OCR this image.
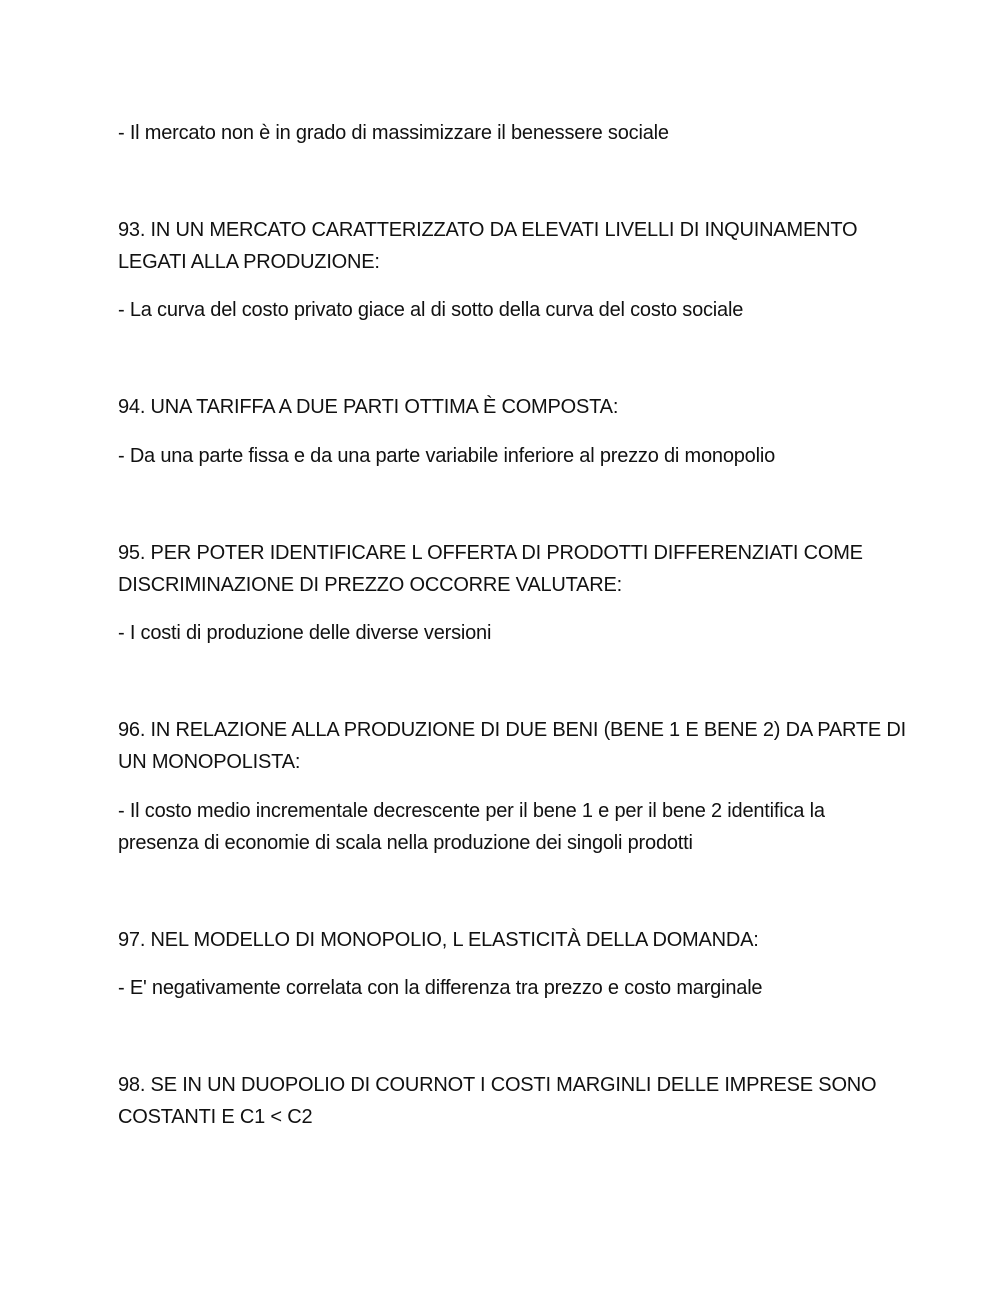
- Il mercato non è in grado di massimizzare il benessere sociale
93. IN UN MERCATO CARATTERIZZATO DA ELEVATI LIVELLI DI INQUINAMENTO
LEGATI ALLA PRODUZIONE:
- La curva del costo privato giace al di sotto della curva del costo sociale
94. UNA TARIFFA A DUE PARTI OTTIMA È COMPOSTA:
- Da una parte fissa e da una parte variabile inferiore al prezzo di monopolio
95. PER POTER IDENTIFICARE L OFFERTA DI PRODOTTI DIFFERENZIATI COME
DISCRIMINAZIONE DI PREZZO OCCORRE VALUTARE:
- I costi di produzione delle diverse versioni
96. IN RELAZIONE ALLA PRODUZIONE DI DUE BENI (BENE 1 E BENE 2) DA PARTE DI
UN MONOPOLISTA:
- Il costo medio incrementale decrescente per il bene 1 e per il bene 2 identifica la
presenza di economie di scala nella produzione dei singoli prodotti
97. NEL MODELLO DI MONOPOLIO, L ELASTICITÀ DELLA DOMANDA:
- E' negativamente correlata con la differenza tra prezzo e costo marginale
98. SE IN UN DUOPOLIO DI COURNOT I COSTI MARGINLI DELLE IMPRESE SONO
COSTANTI E C1 < C2
